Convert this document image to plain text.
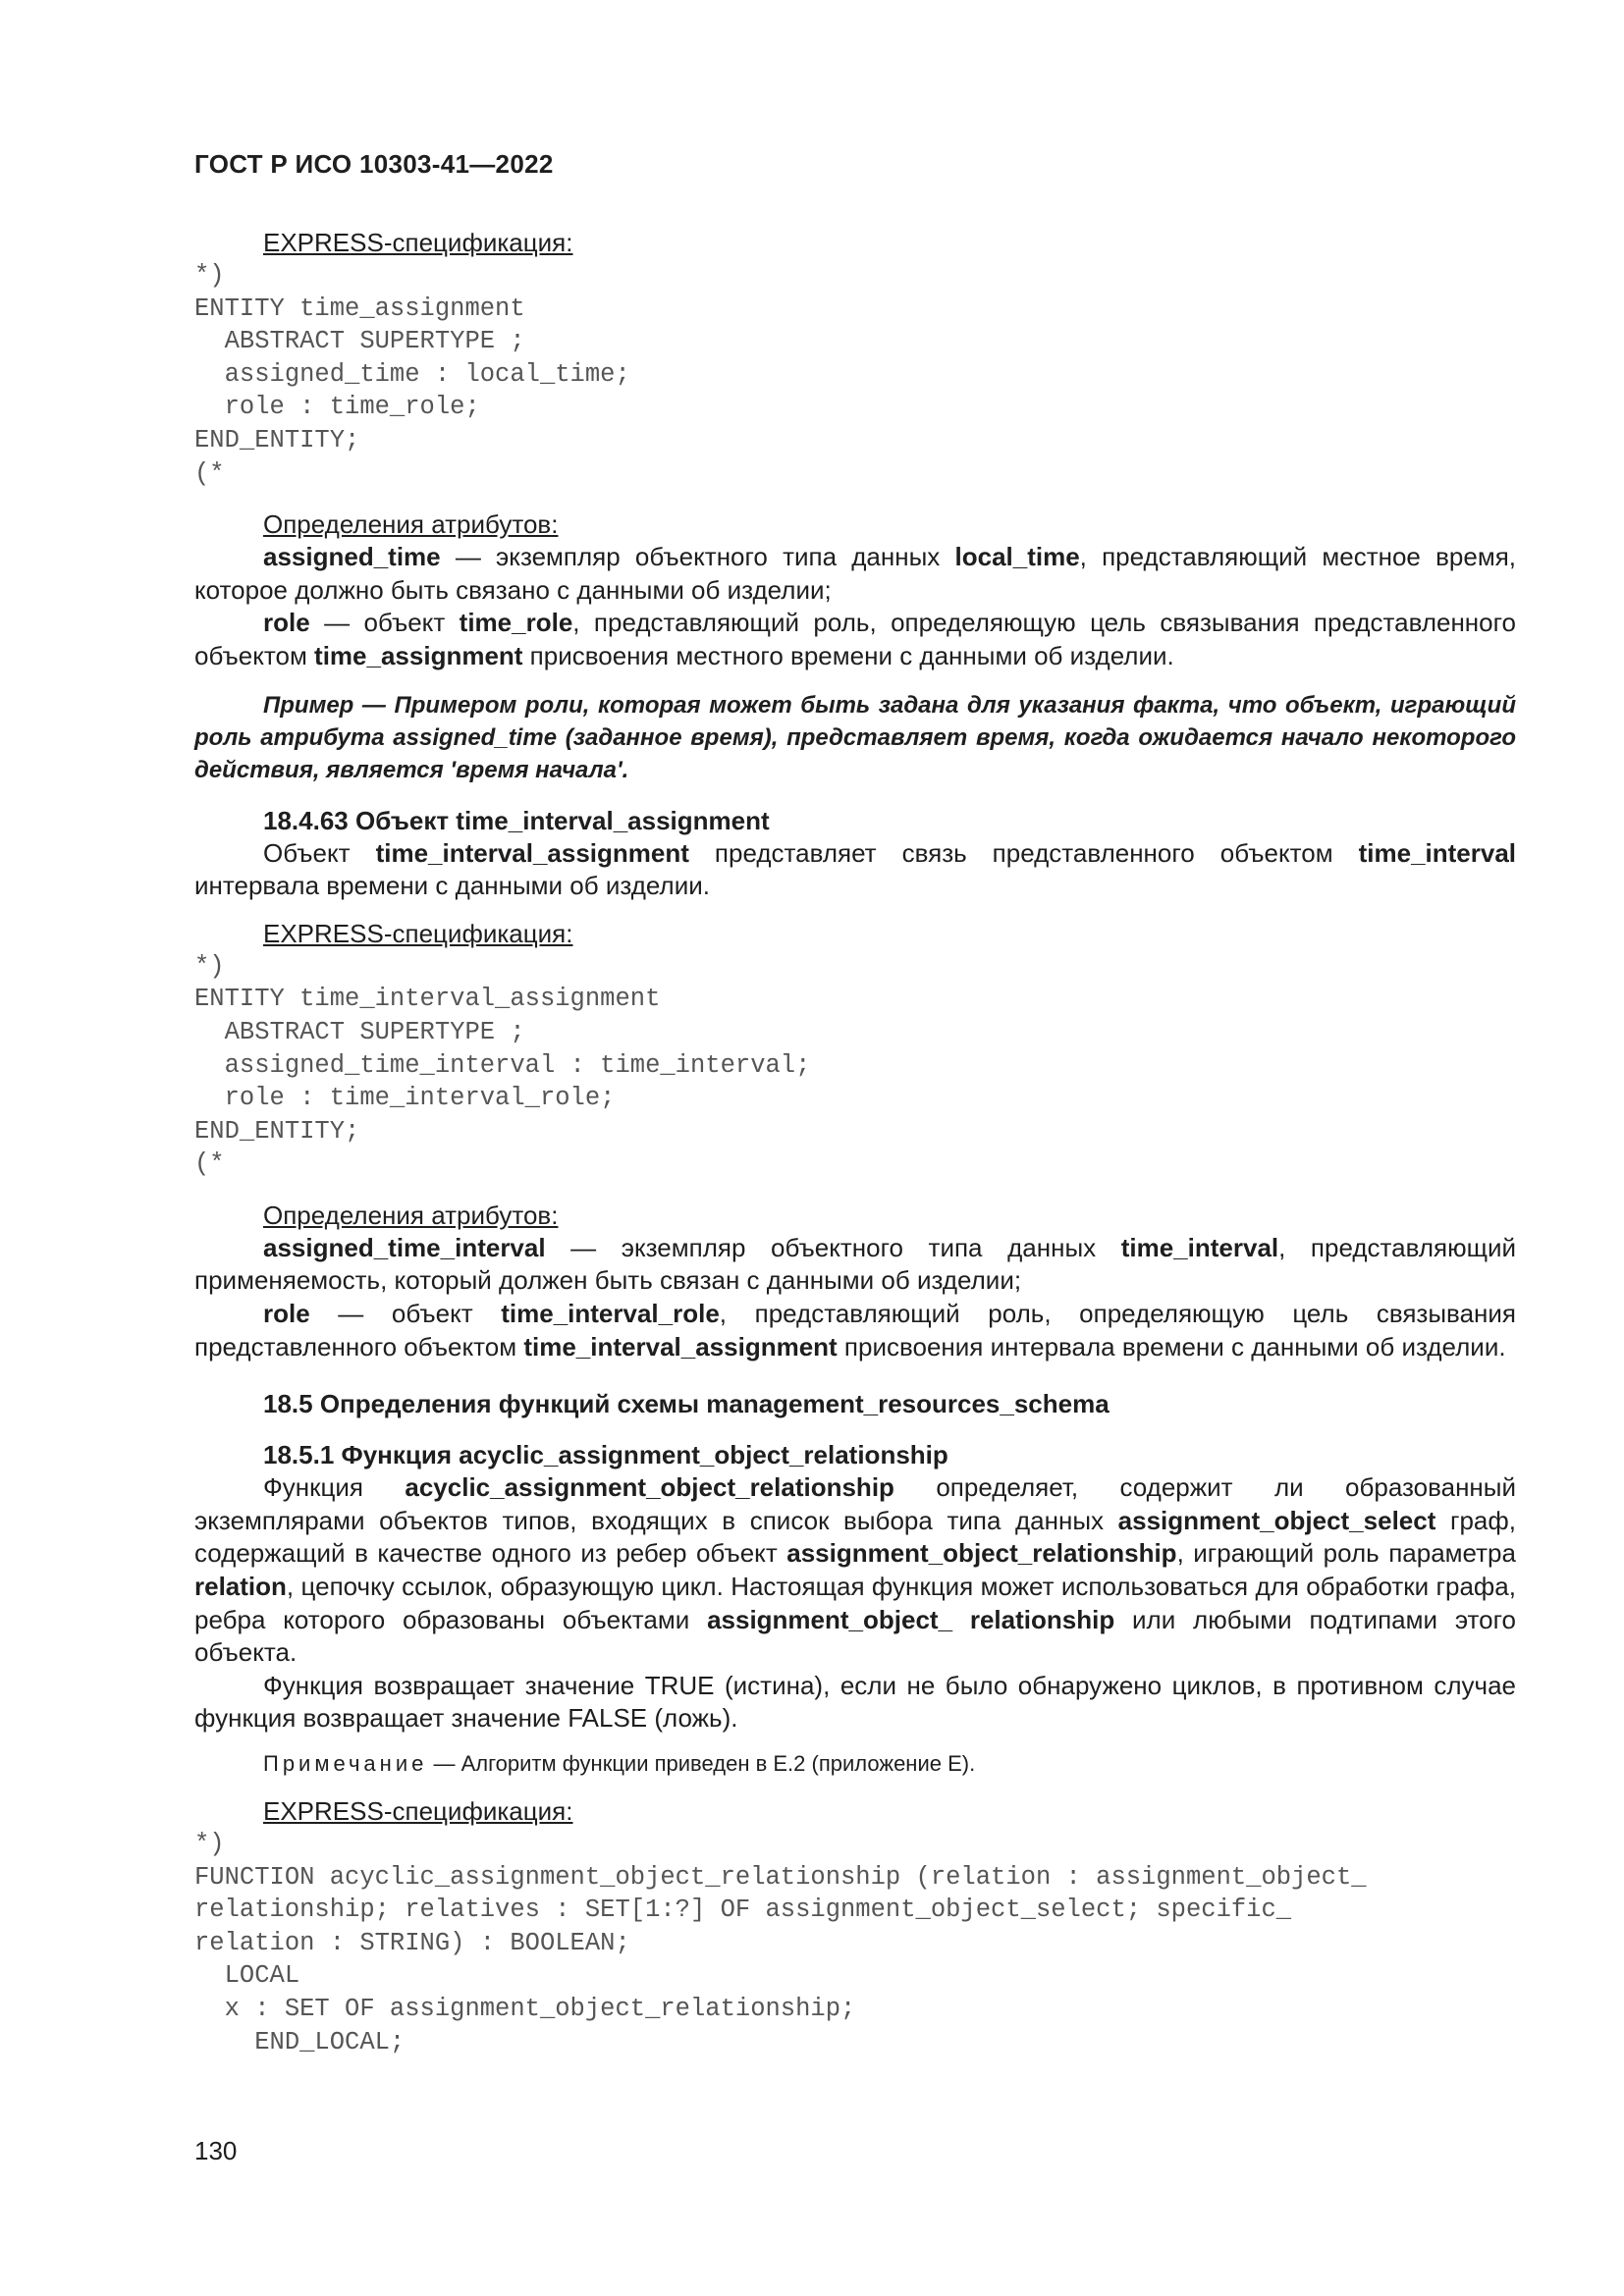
ГОСТ Р ИСО 10303-41—2022

EXPRESS-спецификация:

*)
ENTITY time_assignment
ABSTRACT SUPERTYPE ;
assigned_time : local_time;
role : time_role;
END_ENTITY;
(*

Определения атрибутов:

assigned_time — экземпляр объектного типа данных local_time, представляющий местное время, которое должно быть связано с данными об изделии;

role — объект time_role, представляющий роль, определяющую цель связывания представленного объектом time_assignment присвоения местного времени с данными об изделии.

Пример — Примером роли, которая может быть задана для указания факта, что объект, играющий роль атрибута assigned_time (заданное время), представляет время, когда ожидается начало некоторого действия, является 'время начала'.

18.4.63 Объект time_interval_assignment

Объект time_interval_assignment представляет связь представленного объектом time_interval интервала времени с данными об изделии.

EXPRESS-спецификация:

*)
ENTITY time_interval_assignment
ABSTRACT SUPERTYPE ;
assigned_time_interval : time_interval;
role : time_interval_role;
END_ENTITY;
(*

Определения атрибутов:

assigned_time_interval — экземпляр объектного типа данных time_interval, представляющий применяемость, который должен быть связан с данными об изделии;

role — объект time_interval_role, представляющий роль, определяющую цель связывания представленного объектом time_interval_assignment присвоения интервала времени с данными об изделии.

18.5 Определения функций схемы management_resources_schema

18.5.1 Функция acyclic_assignment_object_relationship

Функция acyclic_assignment_object_relationship определяет, содержит ли образованный экземплярами объектов типов, входящих в список выбора типа данных assignment_object_select граф, содержащий в качестве одного из ребер объект assignment_object_relationship, играющий роль параметра relation, цепочку ссылок, образующую цикл. Настоящая функция может использоваться для обработки графа, ребра которого образованы объектами assignment_object_ relationship или любыми подтипами этого объекта.

Функция возвращает значение TRUE (истина), если не было обнаружено циклов, в противном случае функция возвращает значение FALSE (ложь).

Примечание — Алгоритм функции приведен в Е.2 (приложение Е).

EXPRESS-спецификация:

*)
FUNCTION acyclic_assignment_object_relationship (relation : assignment_object_
relationship; relatives : SET[1:?] OF assignment_object_select; specific_
relation : STRING) : BOOLEAN;
LOCAL
x : SET OF assignment_object_relationship;
END_LOCAL;
130
